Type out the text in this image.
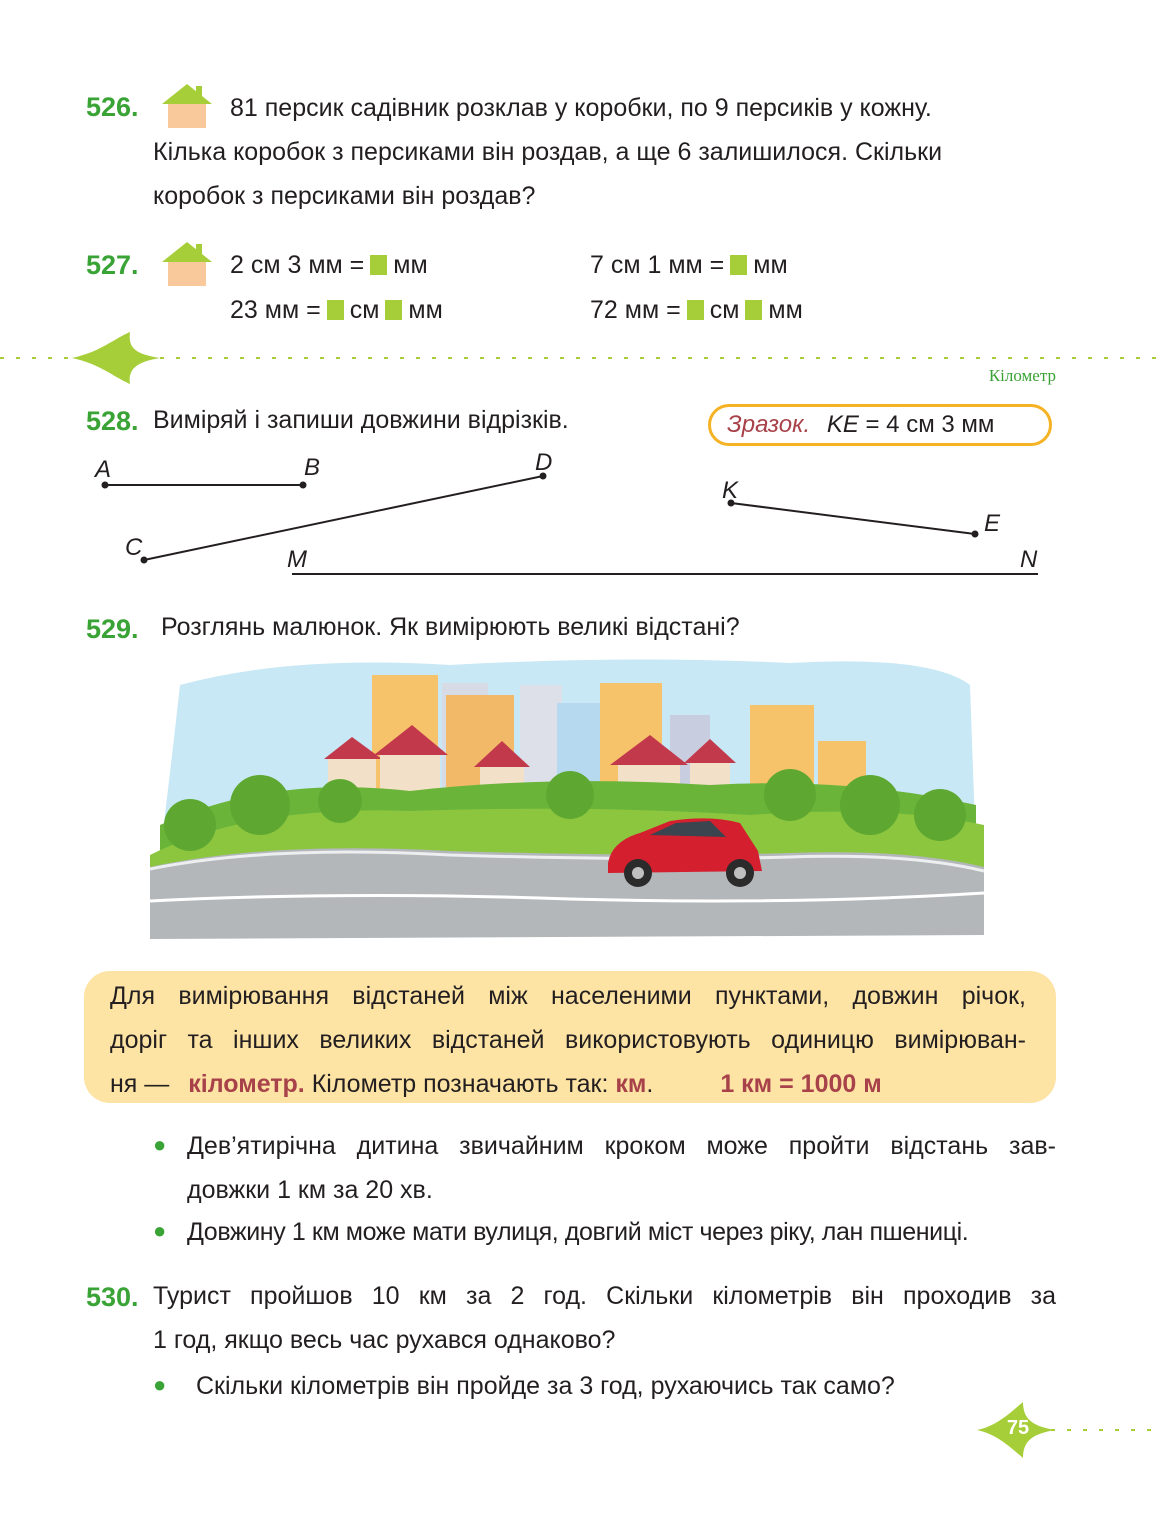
526.	81 персик садівник розклав у коробки, по 9 персиків у кожну.
Кілька коробок з персиками він роздав, а ще 6 залишилося. Скільки
коробок з персиками він роздав?
527.	2 см 3 мм = мм	7 см 1 мм = мм
23 мм = см мм	72 мм = см мм
Кілометр
528. Виміряй і запиши довжини відрізків.	Зразок. KE = 4 см 3 мм
A	B
C
D
K
E
M	N
529. Розглянь малюнок. Як вимірюють великі відстані?
Для вимірювання відстаней між населеними пунктами, довжин річок,
доріг та інших великих відстаней використовують одиницю вимірюван-
ня — кілометр. Кілометр позначають так: км.	1 км = 1000 м
● Дев’ятирічна дитина звичайним кроком може пройти відстань зав-
довжки 1 км за 20 хв.
● Довжину 1 км може мати вулиця, довгий міст через ріку, лан пшениці.
530. Турист пройшов 10 км за 2 год. Скільки кілометрів він проходив за
1 год, якщо весь час рухався однаково?
● Скільки кілометрів він пройде за 3 год, рухаючись так само?
75
